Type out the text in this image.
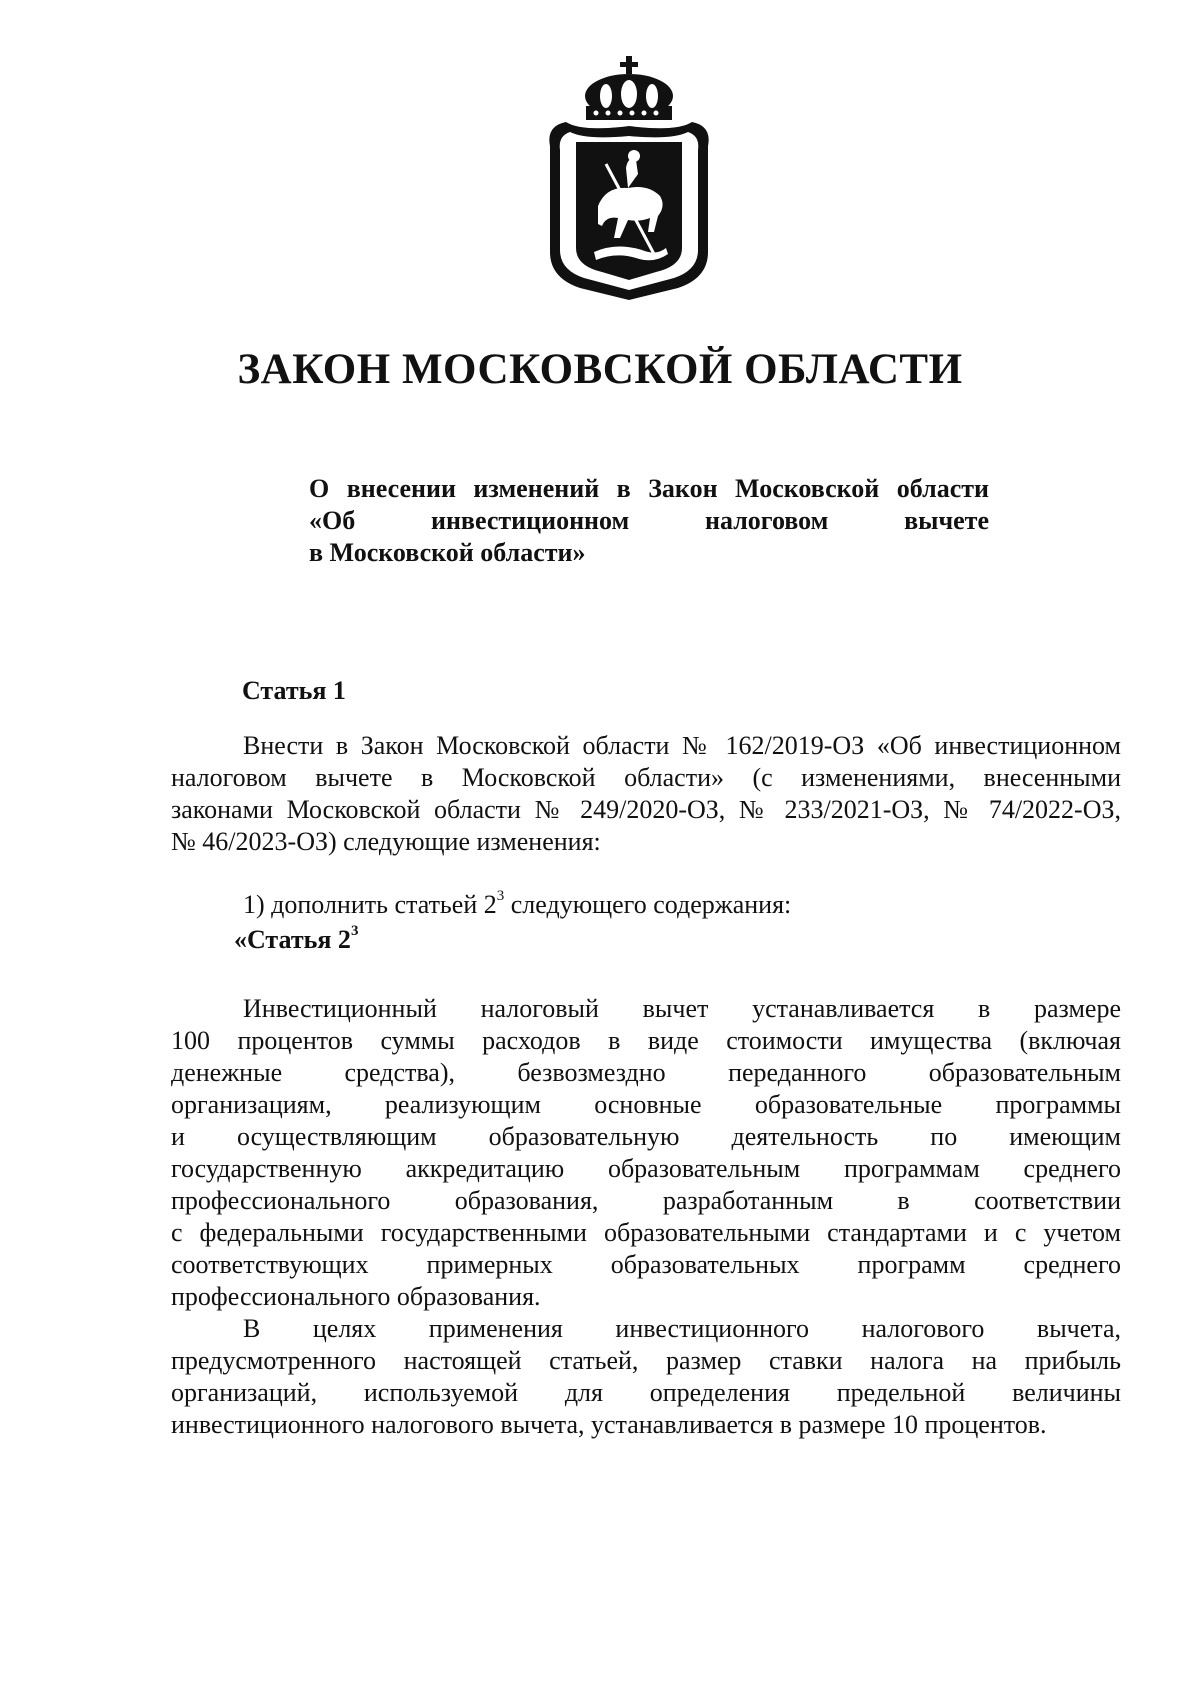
ЗАКОН МОСКОВСКОЙ ОБЛАСТИ
О внесении изменений в Закон Московской области
«Об инвестиционном налоговом вычете
в Московской области»
Статья 1
Внести в Закон Московской области № 162/2019-ОЗ «Об инвестиционном
налоговом вычете в Московской области» (с изменениями, внесенными
законами Московской области № 249/2020-ОЗ, № 233/2021-ОЗ, № 74/2022-ОЗ,
№ 46/2023-ОЗ) следующие изменения:

1) дополнить статьей $2^3$ следующего содержания:

«Статья $2^3$

Инвестиционный налоговый вычет устанавливается в размере
100 процентов суммы расходов в виде стоимости имущества (включая
денежные средства), безвозмездно переданного образовательным
организациям, реализующим основные образовательные программы
и осуществляющим образовательную деятельность по имеющим
государственную аккредитацию образовательным программам среднего
профессионального образования, разработанным в соответствии
с федеральными государственными образовательными стандартами и с учетом
соответствующих примерных образовательных программ среднего
профессионального образования.
В целях применения инвестиционного налогового вычета,
предусмотренного настоящей статьей, размер ставки налога на прибыль
организаций, используемой для определения предельной величины
инвестиционного налогового вычета, устанавливается в размере 10 процентов.
